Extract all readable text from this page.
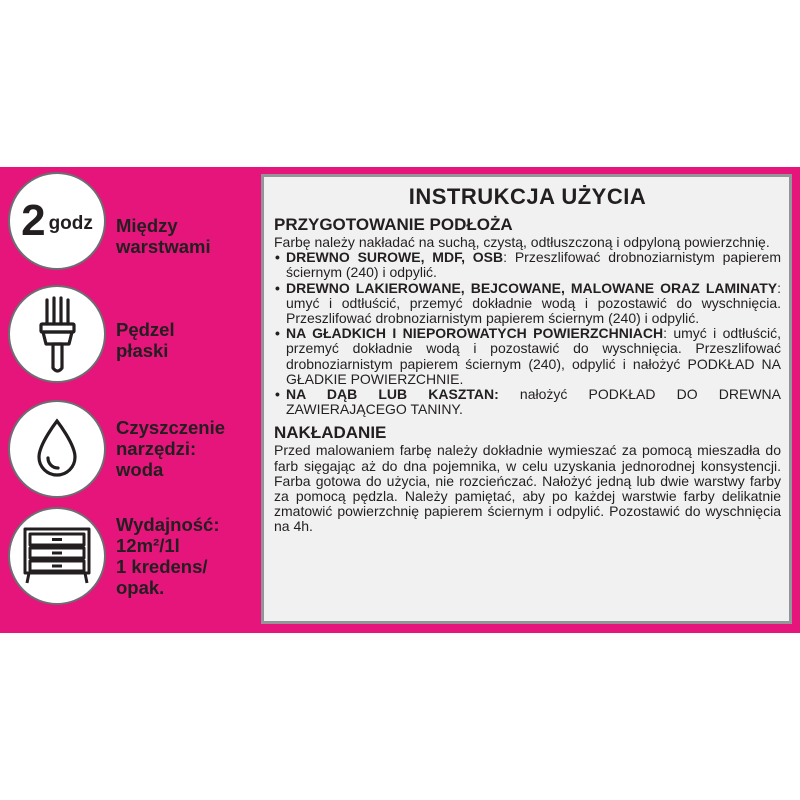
2 godz Między
warstwami
Pędzel
płaski
Czyszczenie
narzędzi:
woda
Wydajność:
12m²/1l
1 kredens/
opak.
INSTRUKCJA UŻYCIA
PRZYGOTOWANIE PODŁOŻA

Farbę należy nakładać na suchą, czystą, odtłuszczoną i odpyloną powierzchnię.

• DREWNO SUROWE, MDF, OSB: Przeszlifować drobnoziarnistym papierem ściernym (240) i odpylić.
• DREWNO LAKIEROWANE, BEJCOWANE, MALOWANE ORAZ LAMINATY: umyć i odtłuścić, przemyć dokładnie wodą i pozostawić do wyschnięcia. Przeszlifować drobnoziarnistym papierem ściernym (240) i odpylić.
• NA GŁADKICH I NIEPOROWATYCH POWIERZCHNIACH: umyć i odtłuścić, przemyć dokładnie wodą i pozostawić do wyschnięcia. Przeszlifować drobnoziarnistym papierem ściernym (240), odpylić i nałożyć PODKŁAD NA GŁADKIE POWIERZCHNIE.
• NA DĄB LUB KASZTAN: nałożyć PODKŁAD DO DREWNA ZAWIERAJĄCEGO TANINY.
NAKŁADANIE

Przed malowaniem farbę należy dokładnie wymieszać za pomocą mieszadła do farb sięgając aż do dna pojemnika, w celu uzyskania jednorodnej konsystencji. Farba gotowa do użycia, nie rozcieńczać. Nałożyć jedną lub dwie warstwy farby za pomocą pędzla. Należy pamiętać, aby po każdej warstwie farby delikatnie zmatowić powierzchnię papierem ściernym i odpylić. Pozostawić do wyschnięcia na 4h.
